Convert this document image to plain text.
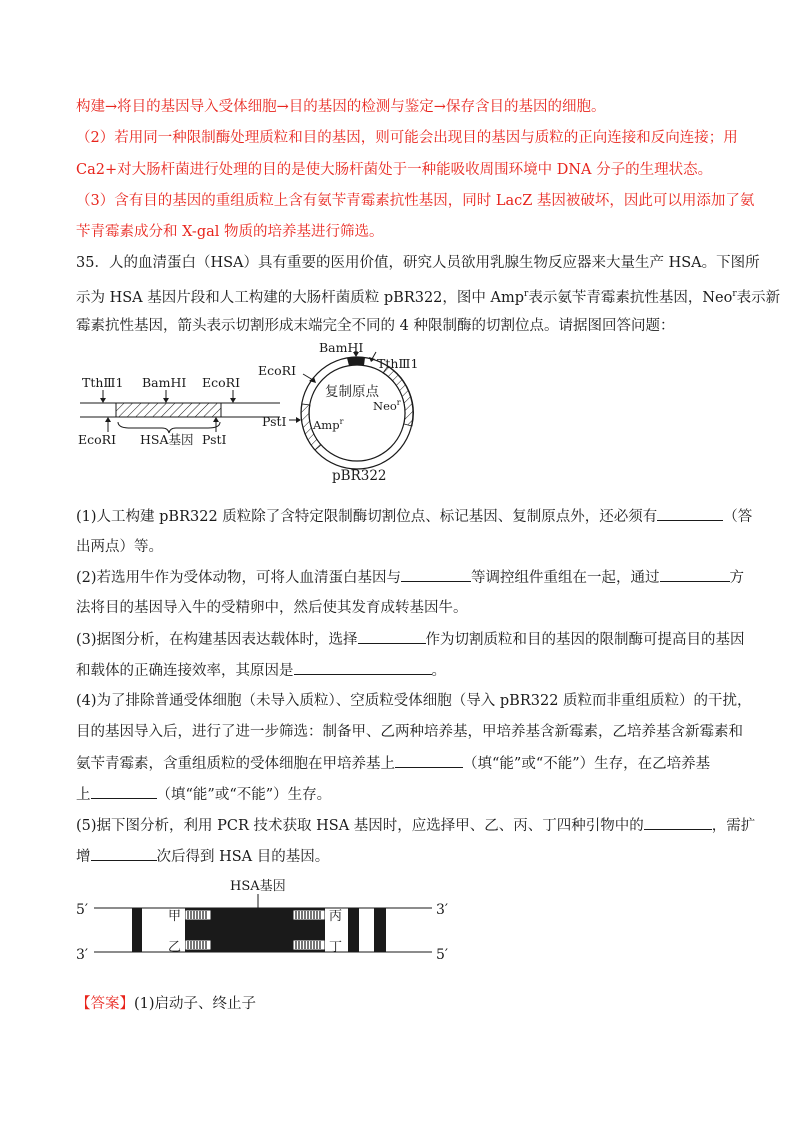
构建→将目的基因导入受体细胞→目的基因的检测与鉴定→保存含目的基因的细胞。
（2）若用同一种限制酶处理质粒和目的基因，则可能会出现目的基因与质粒的正向连接和反向连接；用
Ca2+对大肠杆菌进行处理的目的是使大肠杆菌处于一种能吸收周围环境中 DNA 分子的生理状态。
（3）含有目的基因的重组质粒上含有氨苄青霉素抗性基因，同时 LacZ 基因被破坏，因此可以用添加了氨
苄青霉素成分和 X-gal 物质的培养基进行筛选。
35．人的血清蛋白（HSA）具有重要的医用价值，研究人员欲用乳腺生物反应器来大量生产 HSA。下图所
示为 HSA 基因片段和人工构建的大肠杆菌质粒 pBR322，图中 Amp$^r$表示氨苄青霉素抗性基因，Neo$^r$表示新
霉素抗性基因，箭头表示切割形成末端完全不同的 4 种限制酶的切割位点。请据图回答问题：
TthⅢ1 BamHⅠ EcoRⅠ
EcoRⅠ HSA基因 PstⅠ
BamHⅠ
EcoRⅠ	TthⅢ1
复制原点
Neo$^r$
PstⅠ Amp$^r$
pBR322
(1)人工构建 pBR322 质粒除了含特定限制酶切割位点、标记基因、复制原点外，还必须有	（答
出两点）等。
(2)若选用牛作为受体动物，可将人血清蛋白基因与	等调控组件重组在一起，通过	方
法将目的基因导入牛的受精卵中，然后使其发育成转基因牛。
(3)据图分析，在构建基因表达载体时，选择	作为切割质粒和目的基因的限制酶可提高目的基因
和载体的正确连接效率，其原因是	。
(4)为了排除普通受体细胞（未导入质粒）、空质粒受体细胞（导入 pBR322 质粒而非重组质粒）的干扰，
目的基因导入后，进行了进一步筛选：制备甲、乙两种培养基，甲培养基含新霉素，乙培养基含新霉素和
氨苄青霉素，含重组质粒的受体细胞在甲培养基上	（填“能”或“不能”）生存，在乙培养基
上	（填“能”或“不能”）生存。
(5)据下图分析，利用 PCR 技术获取 HSA 基因时，应选择甲、乙、丙、丁四种引物中的	，需扩
增	次后得到 HSA 目的基因。
HSA基因
5′	3′
3′	5′
甲
乙
丙
丁
【答案】(1)启动子、终止子
